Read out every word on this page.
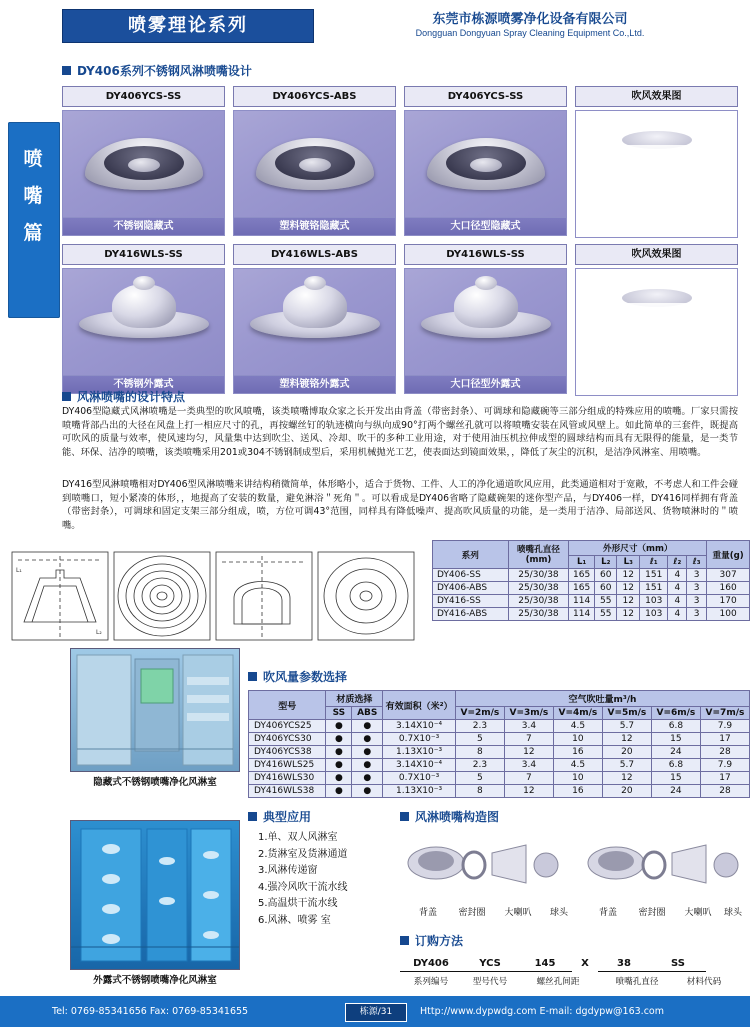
喷雾理论系列	东莞市栋源喷雾净化设备有限公司
Dongguan Dongyuan Spray Cleaning Equipment Co.,Ltd.
喷
嘴
篇
DY406系列不锈钢风淋喷嘴设计
DY406YCS-SS
不锈钢隐藏式
DY406YCS-ABS
塑料镀铬隐藏式
DY406YCS-SS
大口径型隐藏式
吹风效果图
DY416WLS-SS
不锈钢外露式
DY416WLS-ABS
塑料镀铬外露式
DY416WLS-SS
大口径型外露式
吹风效果图
风淋喷嘴的设计特点
DY406型隐藏式风淋喷嘴是一类典型的吹风喷嘴，该类喷嘴博取众家之长开发出由背盖（带密封条）、可调球和隐藏碗等三部分组成的特殊应用的喷嘴。厂家只需按喷嘴背部凸出的大径在风盘上打一相应尺寸的孔，再按螺丝钉的轨迹横向与纵向成90°打两个螺丝孔就可以将喷嘴安装在风管或风壁上。如此简单的三套件，既提高可吹风的质量与效率，使风速均匀，风量集中达到吹尘、送风、冷却、吹干的多种工业用途，对于使用油压机拉伸成型的圆球结构而具有无限得的能量，是一类节能、环保、洁净的喷嘴，该类喷嘴采用201或304不锈钢制成型后，采用机械抛光工艺，使表面达到镜面效果，，降低了灰尘的沉积，是洁净风淋室、用喷嘴。
DY416型风淋喷嘴相对DY406型风淋喷嘴来讲结构稍微简单，体形略小，适合于货物、工件、人工的净化通道吹风应用，此类通道相对于宽敞，不考虑人和工件会碰到喷嘴口，短小紧凑的体形，，地提高了安装的数量，避免淋浴＂死角＂。可以看成是DY406省略了隐藏碗架的迷你型产品，与DY406一样，DY416同样拥有背盖（带密封条），可调球和固定支架三部分组成，喷，方位可调43°范围，同样具有降低噪声、提高吹风质量的功能，是一类用于洁净、局部送风、货物喷淋时的＂喷嘴。
L₁
L₂
系列	喷嘴孔直径(mm)	外形尺寸（mm）						重量(g)
		L₁	L₂	L₃	ℓ₁	ℓ₂	ℓ₃	
DY406-SS	25/30/38	165	60	12	151	4	3	307
DY406-ABS	25/30/38	165	60	12	151	4	3	160
DY416-SS	25/30/38	114	55	12	103	4	3	170
DY416-ABS	25/30/38	114	55	12	103	4	3	100
隐藏式不锈钢喷嘴净化风淋室
吹风量参数选择
型号	材质选择		有效面积（米²）	空气吹吐量m³/h					
	SS	ABS		V=2m/s	V=3m/s	V=4m/s	V=5m/s	V=6m/s	V=7m/s
DY406YCS25	●	●	3.14X10⁻⁴	2.3	3.4	4.5	5.7	6.8	7.9
DY406YCS30	●	●	0.7X10⁻³	5	7	10	12	15	17
DY406YCS38	●	●	1.13X10⁻³	8	12	16	20	24	28
DY416WLS25	●	●	3.14X10⁻⁴	2.3	3.4	4.5	5.7	6.8	7.9
DY416WLS30	●	●	0.7X10⁻³	5	7	10	12	15	17
DY416WLS38	●	●	1.13X10⁻³	8	12	16	20	24	28
外露式不锈钢喷嘴净化风淋室
典型应用
1.单、双人风淋室
2.货淋室及货淋通道
3.风淋传递窗
4.强冷风吹干流水线
5.高温烘干流水线
6.风淋、喷雾 室
风淋喷嘴构造图
背盖	密封圈	大喇叭	球头	背盖	密封圈	大喇叭	球头
订购方法
DY406	YCS	145	X	38	SS
系列编号	型号代号	螺丝孔间距	喷嘴孔直径	材料代码
Tel: 0769-85341656 Fax: 0769-85341655	栋源/31	Http://www.dypwdg.com E-mail: dgdypw@163.com
